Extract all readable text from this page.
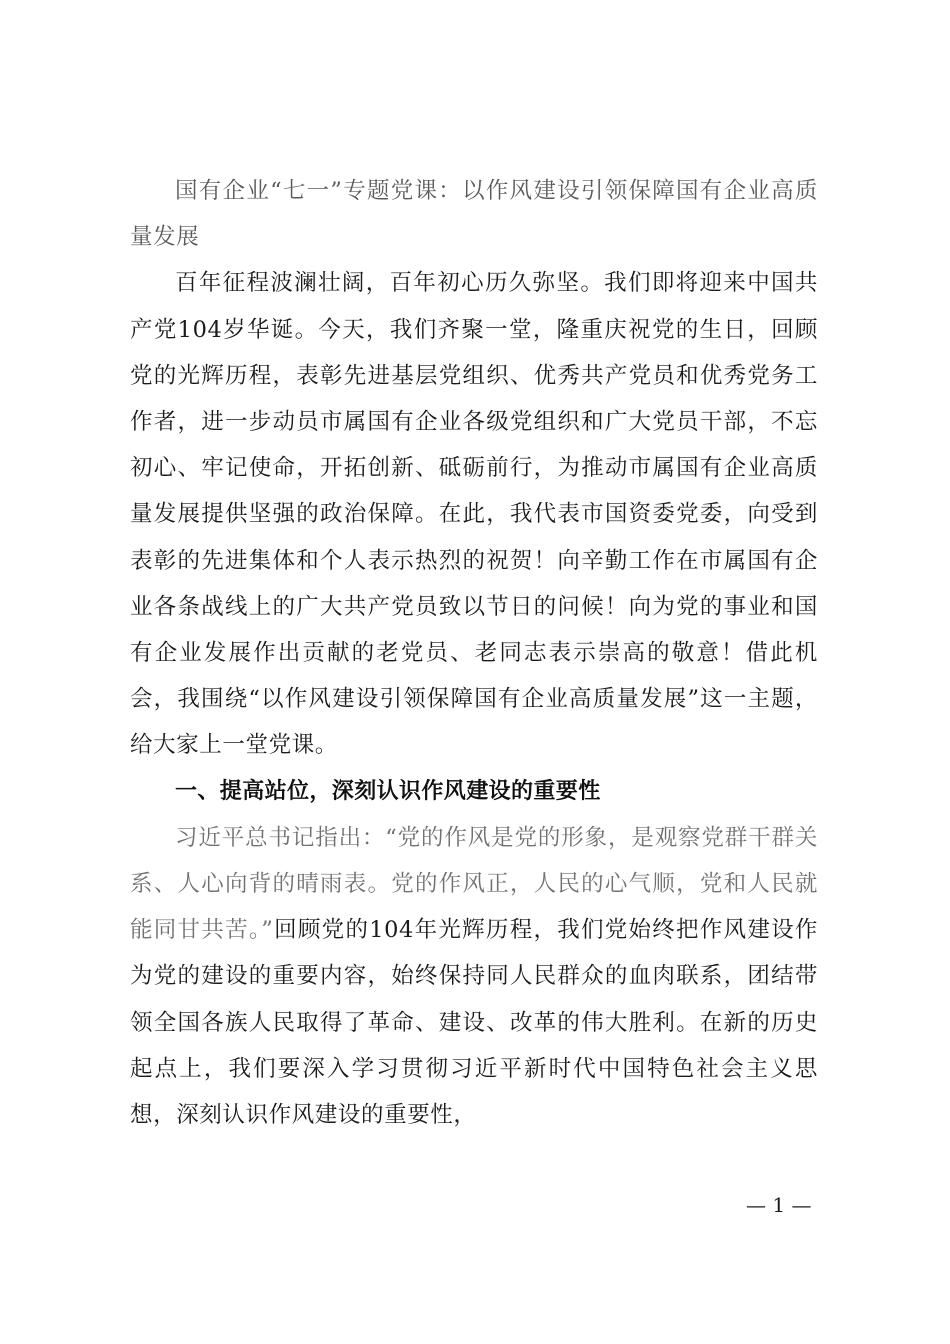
国有企业“七一”专题党课：以作风建设引领保障国有企业高质量发展

百年征程波澜壮阔，百年初心历久弥坚。我们即将迎来中国共产党104岁华诞。今天，我们齐聚一堂，隆重庆祝党的生日，回顾党的光辉历程，表彰先进基层党组织、优秀共产党员和优秀党务工作者，进一步动员市属国有企业各级党组织和广大党员干部，不忘初心、牢记使命，开拓创新、砥砺前行，为推动市属国有企业高质量发展提供坚强的政治保障。在此，我代表市国资委党委，向受到表彰的先进集体和个人表示热烈的祝贺！向辛勤工作在市属国有企业各条战线上的广大共产党员致以节日的问候！向为党的事业和国有企业发展作出贡献的老党员、老同志表示崇高的敬意！借此机会，我围绕“以作风建设引领保障国有企业高质量发展”这一主题，给大家上一堂党课。

一、提高站位，深刻认识作风建设的重要性

习近平总书记指出：“党的作风是党的形象，是观察党群干群关系、人心向背的晴雨表。党的作风正，人民的心气顺，党和人民就能同甘共苦。”回顾党的104年光辉历程，我们党始终把作风建设作为党的建设的重要内容，始终保持同人民群众的血肉联系，团结带领全国各族人民取得了革命、建设、改革的伟大胜利。在新的历史起点上，我们要深入学习贯彻习近平新时代中国特色社会主义思想，深刻认识作风建设的重要性，

— 1 —
